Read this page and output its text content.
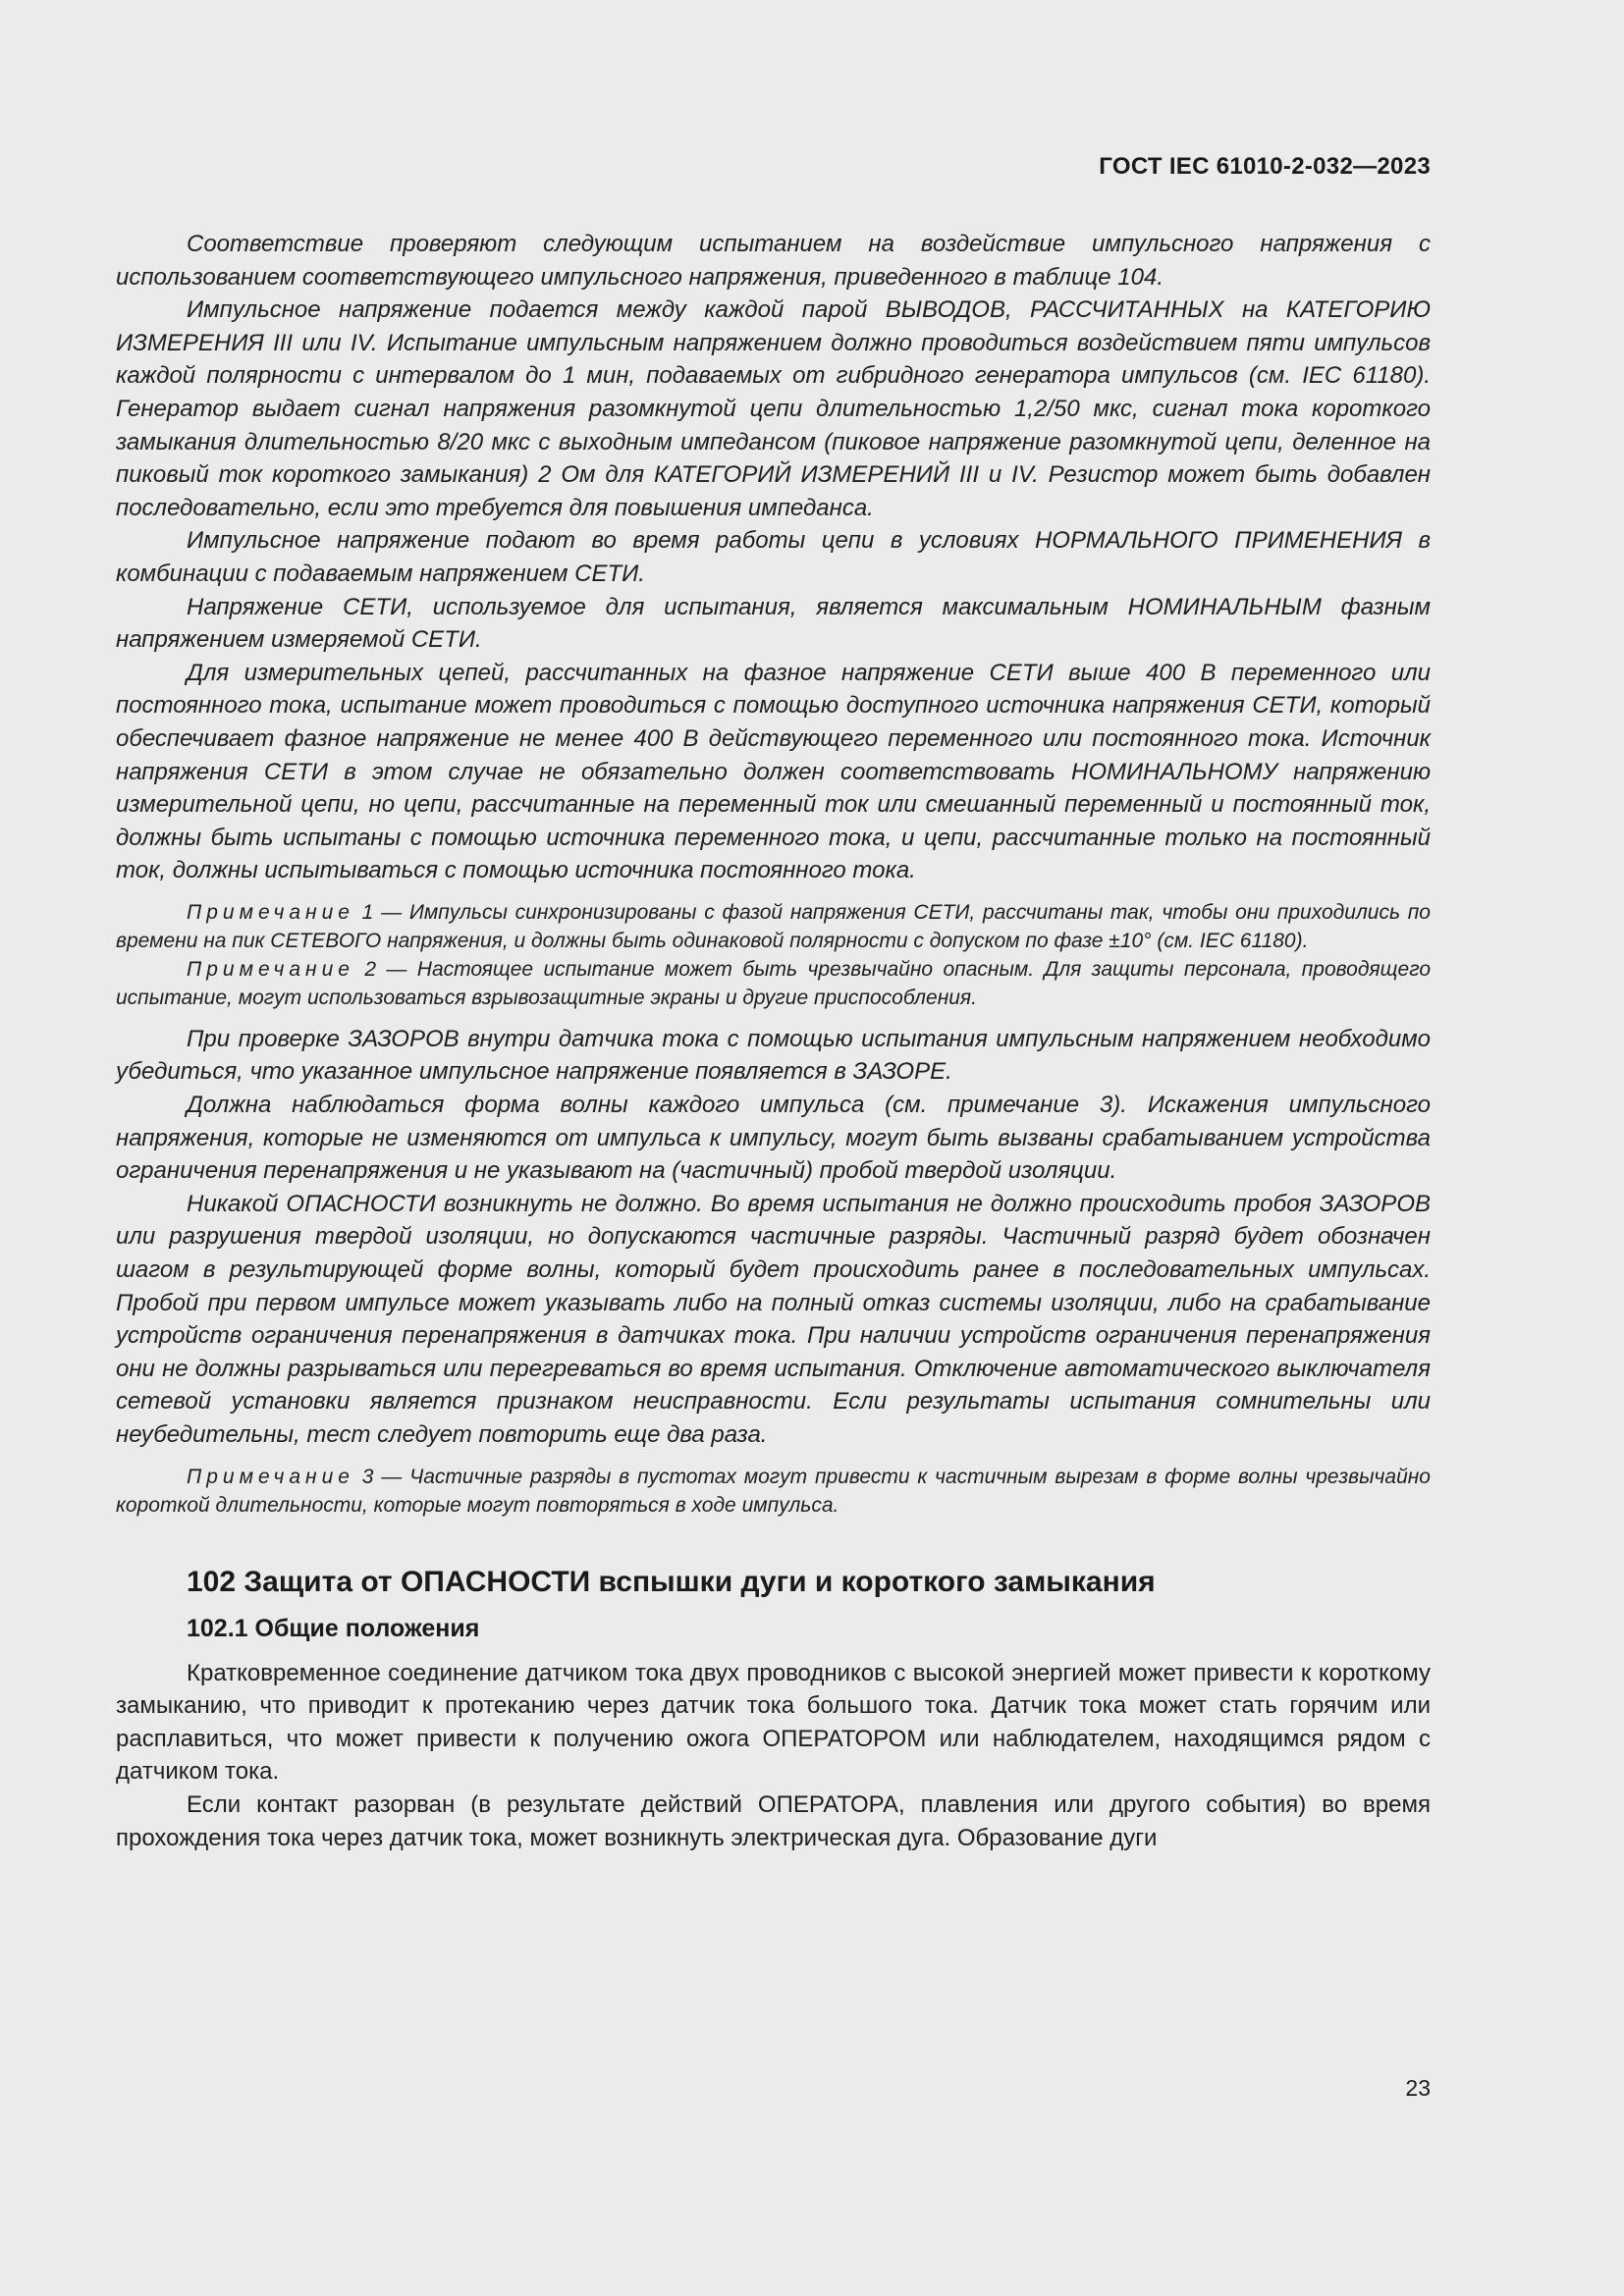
ГОСТ IEC 61010-2-032—2023

Соответствие проверяют следующим испытанием на воздействие импульсного напряжения с использованием соответствующего импульсного напряжения, приведенного в таблице 104.

Импульсное напряжение подается между каждой парой ВЫВОДОВ, РАССЧИТАННЫХ на КАТЕГОРИЮ ИЗМЕРЕНИЯ III или IV. Испытание импульсным напряжением должно проводиться воздействием пяти импульсов каждой полярности с интервалом до 1 мин, подаваемых от гибридного генератора импульсов (см. IEC 61180). Генератор выдает сигнал напряжения разомкнутой цепи длительностью 1,2/50 мкс, сигнал тока короткого замыкания длительностью 8/20 мкс с выходным импедансом (пиковое напряжение разомкнутой цепи, деленное на пиковый ток короткого замыкания) 2 Ом для КАТЕГОРИЙ ИЗМЕРЕНИЙ III и IV. Резистор может быть добавлен последовательно, если это требуется для повышения импеданса.

Импульсное напряжение подают во время работы цепи в условиях НОРМАЛЬНОГО ПРИМЕНЕНИЯ в комбинации с подаваемым напряжением СЕТИ.

Напряжение СЕТИ, используемое для испытания, является максимальным НОМИНАЛЬНЫМ фазным напряжением измеряемой СЕТИ.

Для измерительных цепей, рассчитанных на фазное напряжение СЕТИ выше 400 В переменного или постоянного тока, испытание может проводиться с помощью доступного источника напряжения СЕТИ, который обеспечивает фазное напряжение не менее 400 В действующего переменного или постоянного тока. Источник напряжения СЕТИ в этом случае не обязательно должен соответствовать НОМИНАЛЬНОМУ напряжению измерительной цепи, но цепи, рассчитанные на переменный ток или смешанный переменный и постоянный ток, должны быть испытаны с помощью источника переменного тока, и цепи, рассчитанные только на постоянный ток, должны испытываться с помощью источника постоянного тока.

Примечание 1 — Импульсы синхронизированы с фазой напряжения СЕТИ, рассчитаны так, чтобы они приходились по времени на пик СЕТЕВОГО напряжения, и должны быть одинаковой полярности с допуском по фазе ±10° (см. IEC 61180).

Примечание 2 — Настоящее испытание может быть чрезвычайно опасным. Для защиты персонала, проводящего испытание, могут использоваться взрывозащитные экраны и другие приспособления.

При проверке ЗАЗОРОВ внутри датчика тока с помощью испытания импульсным напряжением необходимо убедиться, что указанное импульсное напряжение появляется в ЗАЗОРЕ.

Должна наблюдаться форма волны каждого импульса (см. примечание 3). Искажения импульсного напряжения, которые не изменяются от импульса к импульсу, могут быть вызваны срабатыванием устройства ограничения перенапряжения и не указывают на (частичный) пробой твердой изоляции.

Никакой ОПАСНОСТИ возникнуть не должно. Во время испытания не должно происходить пробоя ЗАЗОРОВ или разрушения твердой изоляции, но допускаются частичные разряды. Частичный разряд будет обозначен шагом в результирующей форме волны, который будет происходить ранее в последовательных импульсах. Пробой при первом импульсе может указывать либо на полный отказ системы изоляции, либо на срабатывание устройств ограничения перенапряжения в датчиках тока. При наличии устройств ограничения перенапряжения они не должны разрываться или перегреваться во время испытания. Отключение автоматического выключателя сетевой установки является признаком неисправности. Если результаты испытания сомнительны или неубедительны, тест следует повторить еще два раза.

Примечание 3 — Частичные разряды в пустотах могут привести к частичным вырезам в форме волны чрезвычайно короткой длительности, которые могут повторяться в ходе импульса.

102 Защита от ОПАСНОСТИ вспышки дуги и короткого замыкания
102.1 Общие положения

Кратковременное соединение датчиком тока двух проводников с высокой энергией может привести к короткому замыканию, что приводит к протеканию через датчик тока большого тока. Датчик тока может стать горячим или расплавиться, что может привести к получению ожога ОПЕРАТОРОМ или наблюдателем, находящимся рядом с датчиком тока.

Если контакт разорван (в результате действий ОПЕРАТОРА, плавления или другого события) во время прохождения тока через датчик тока, может возникнуть электрическая дуга. Образование дуги

23
